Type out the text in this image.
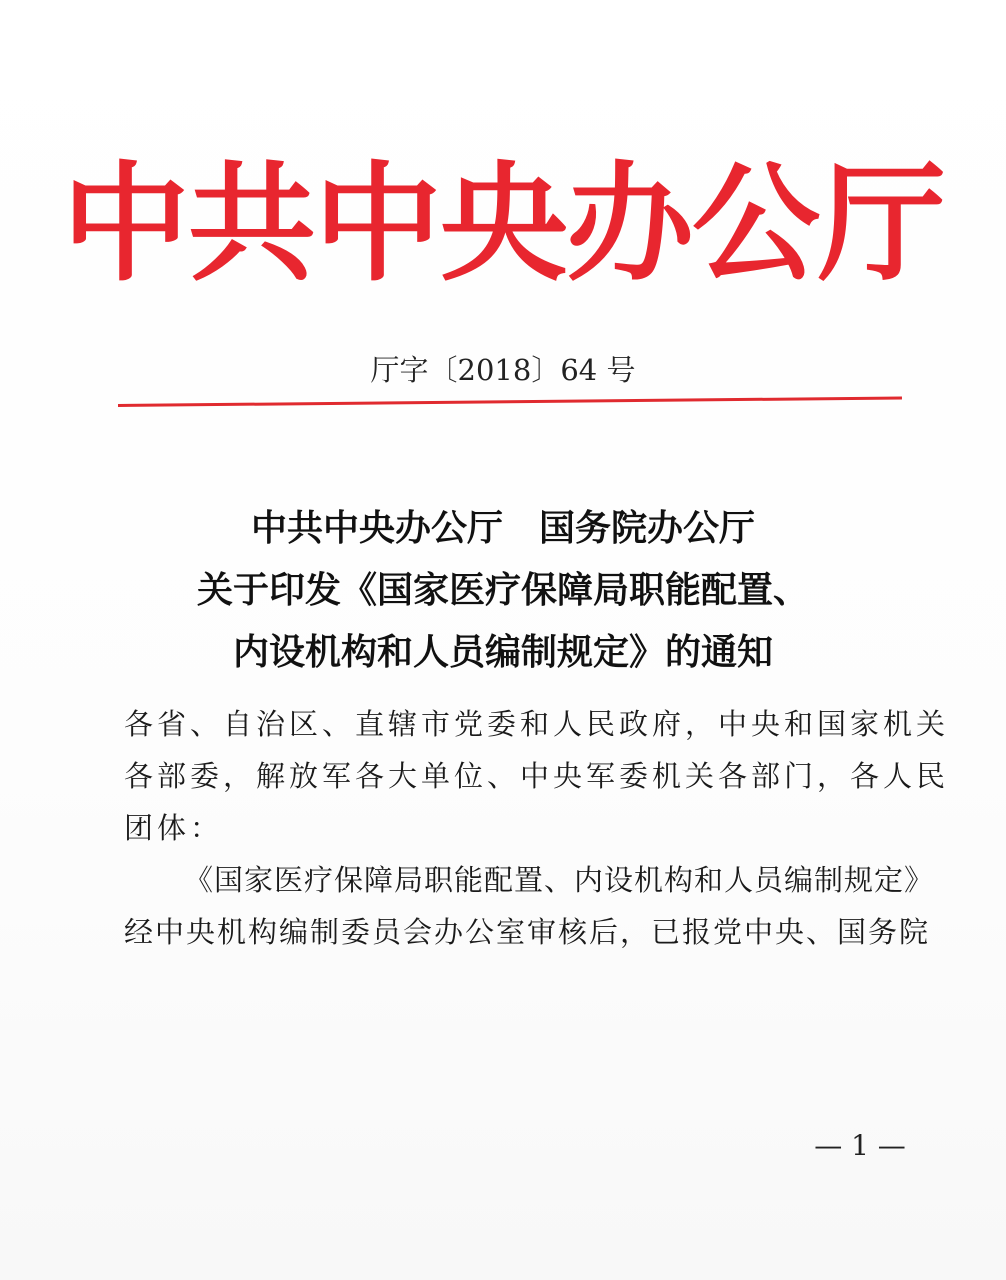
中共中央办公厅
厅字〔2018〕64 号
中共中央办公厅　国务院办公厅
关于印发《国家医疗保障局职能配置、
内设机构和人员编制规定》的通知
各省、自治区、直辖市党委和人民政府，中央和国家机关
各部委，解放军各大单位、中央军委机关各部门，各人民
团体：
《国家医疗保障局职能配置、内设机构和人员编制规定》
经中央机构编制委员会办公室审核后，已报党中央、国务院
— 1 —
